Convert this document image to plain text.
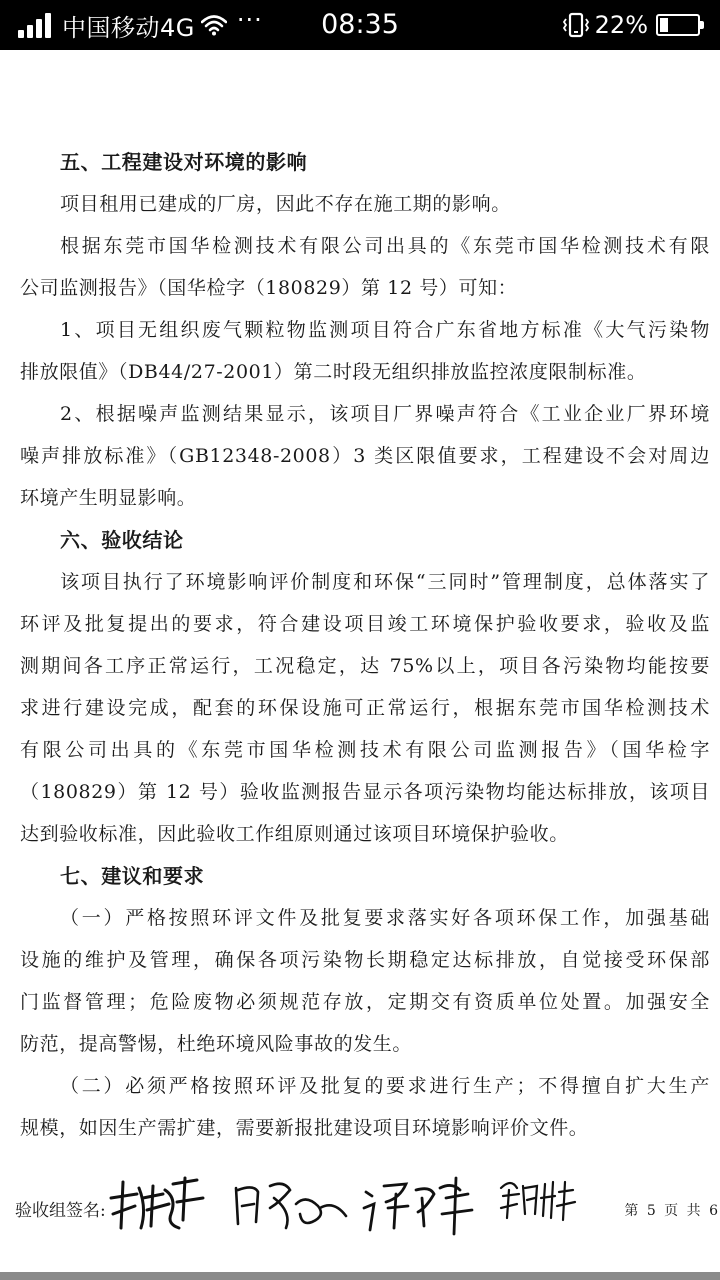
中国移动4G ···	08:35	22%
五、工程建设对环境的影响
项目租用已建成的厂房，因此不存在施工期的影响。
根据东莞市国华检测技术有限公司出具的《东莞市国华检测技术有限
公司监测报告》（国华检字（180829）第 12 号）可知：
1、项目无组织废气颗粒物监测项目符合广东省地方标准《大气污染物
排放限值》（DB44/27-2001）第二时段无组织排放监控浓度限制标准。
2、根据噪声监测结果显示，该项目厂界噪声符合《工业企业厂界环境
噪声排放标准》（GB12348-2008）3 类区限值要求，工程建设不会对周边
环境产生明显影响。
六、验收结论
该项目执行了环境影响评价制度和环保“三同时”管理制度，总体落实了
环评及批复提出的要求，符合建设项目竣工环境保护验收要求，验收及监
测期间各工序正常运行，工况稳定，达 75%以上，项目各污染物均能按要
求进行建设完成，配套的环保设施可正常运行，根据东莞市国华检测技术
有限公司出具的《东莞市国华检测技术有限公司监测报告》（国华检字
（180829）第 12 号）验收监测报告显示各项污染物均能达标排放，该项目
达到验收标准，因此验收工作组原则通过该项目环境保护验收。
七、建议和要求
（一）严格按照环评文件及批复要求落实好各项环保工作，加强基础
设施的维护及管理，确保各项污染物长期稳定达标排放，自觉接受环保部
门监督管理；危险废物必须规范存放，定期交有资质单位处置。加强安全
防范，提高警惕，杜绝环境风险事故的发生。
（二）必须严格按照环评及批复的要求进行生产；不得擅自扩大生产
规模，如因生产需扩建，需要新报批建设项目环境影响评价文件。
验收组签名:	第 5 页 共 6
